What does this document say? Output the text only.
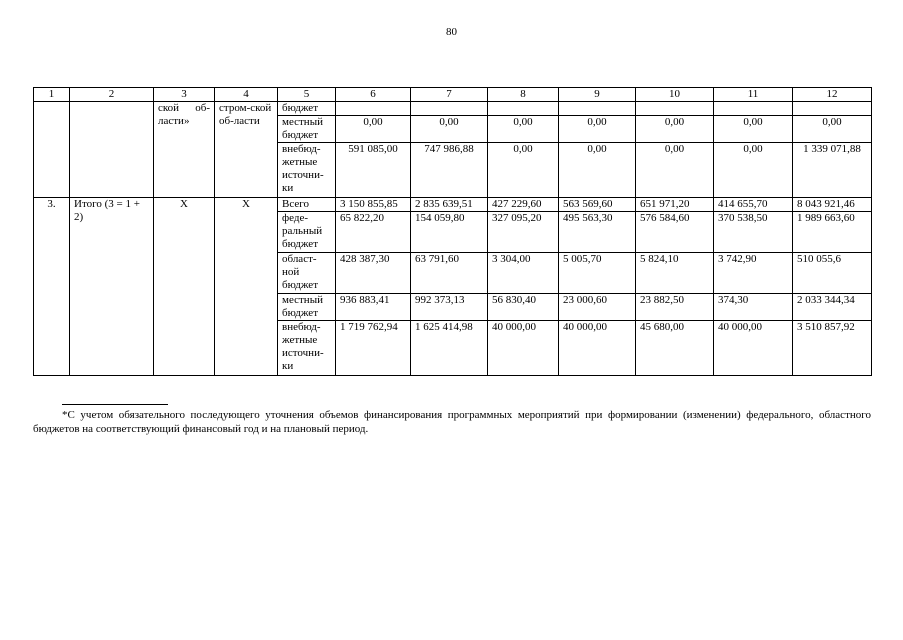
80
1	2	3	4	5	6	7	8	9	10	11	12
		ской об-ласти»	стром-ской об-ласти	бюджет							
				местный бюджет	0,00	0,00	0,00	0,00	0,00	0,00	0,00
				внебюд-жетные источни-ки	591 085,00	747 986,88	0,00	0,00	0,00	0,00	1 339 071,88
3.	Итого (3 = 1 + 2)	X	X	Всего	3 150 855,85	2 835 639,51	427 229,60	563 569,60	651 971,20	414 655,70	8 043 921,46
				феде-ральный бюджет	65 822,20	154 059,80	327 095,20	495 563,30	576 584,60	370 538,50	1 989 663,60
				област-ной бюджет	428 387,30	63 791,60	3 304,00	5 005,70	5 824,10	3 742,90	510 055,6
				местный бюджет	936 883,41	992 373,13	56 830,40	23 000,60	23 882,50	374,30	2 033 344,34
				внебюд-жетные источни-ки	1 719 762,94	1 625 414,98	40 000,00	40 000,00	45 680,00	40 000,00	3 510 857,92
*С учетом обязательного последующего уточнения объемов финансирования программных мероприятий при формировании (изменении) федерального, областного бюджетов на соответствующий финансовый год и на плановый период.
